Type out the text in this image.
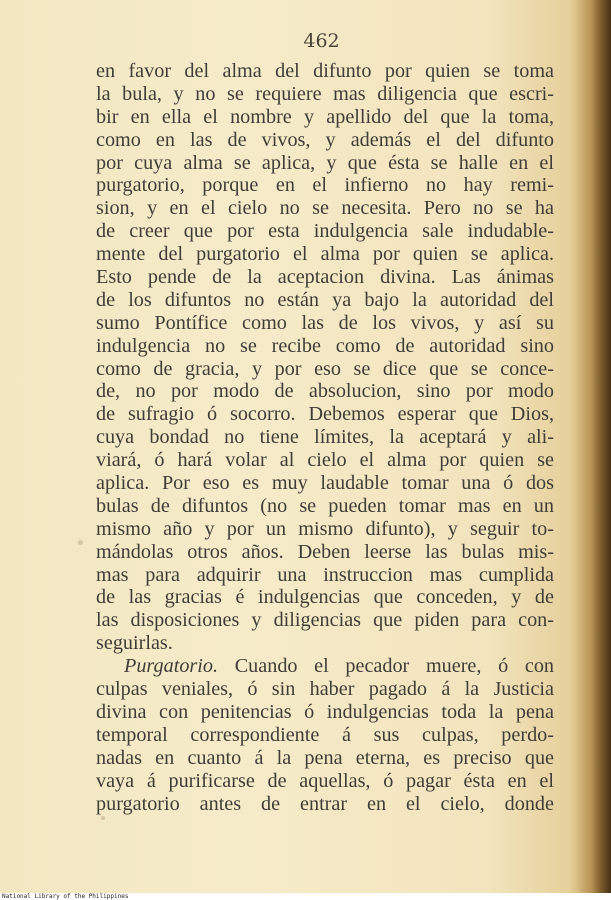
462
en favor del alma del difunto por quien se toma
la bula, y no se requiere mas diligencia que escri-
bir en ella el nombre y apellido del que la toma,
como en las de vivos, y además el del difunto
por cuya alma se aplica, y que ésta se halle en el
purgatorio, porque en el infierno no hay remi-
sion, y en el cielo no se necesita. Pero no se ha
de creer que por esta indulgencia sale indudable-
mente del purgatorio el alma por quien se aplica.
Esto pende de la aceptacion divina. Las ánimas
de los difuntos no están ya bajo la autoridad del
sumo Pontífice como las de los vivos, y así su
indulgencia no se recibe como de autoridad sino
como de gracia, y por eso se dice que se conce-
de, no por modo de absolucion, sino por modo
de sufragio ó socorro. Debemos esperar que Dios,
cuya bondad no tiene límites, la aceptará y ali-
viará, ó hará volar al cielo el alma por quien se
aplica. Por eso es muy laudable tomar una ó dos
bulas de difuntos (no se pueden tomar mas en un
mismo año y por un mismo difunto), y seguir to-
mándolas otros años. Deben leerse las bulas mis-
mas para adquirir una instruccion mas cumplida
de las gracias é indulgencias que conceden, y de
las disposiciones y diligencias que piden para con-
seguirlas.
Purgatorio. Cuando el pecador muere, ó con
culpas veniales, ó sin haber pagado á la Justicia
divina con penitencias ó indulgencias toda la pena
temporal correspondiente á sus culpas, perdo-
nadas en cuanto á la pena eterna, es preciso que
vaya á purificarse de aquellas, ó pagar ésta en el
purgatorio antes de entrar en el cielo, donde
National Library of the Philippines
